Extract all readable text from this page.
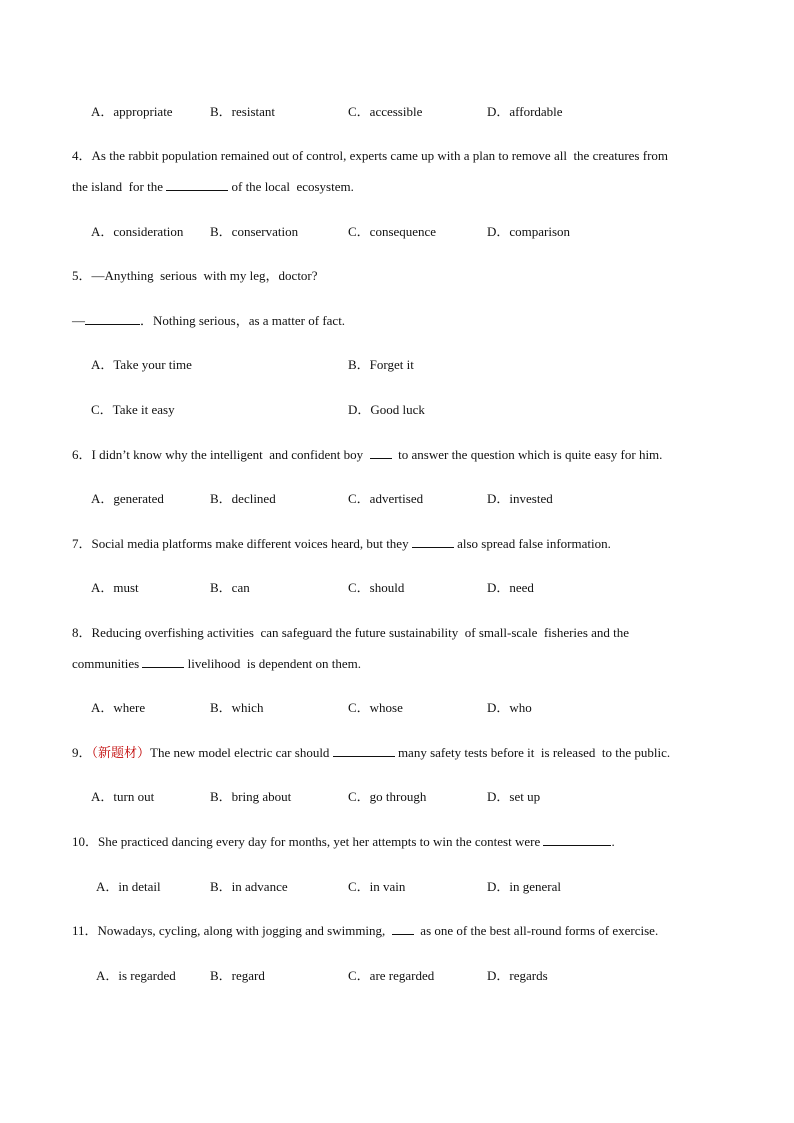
A．appropriate	B．resistant	C．accessible	D．affordable
4．As the rabbit population remained out of control, experts came up with a plan to remove all  the creatures from
the island  for the	of the local  ecosystem.
A．consideration B．conservation	C．consequence	D．comparison
5．—Anything  serious  with my leg，doctor?
—	．Nothing serious，as a matter of fact.
A．Take your time	B．Forget it
C．Take it easy	D．Good luck
6．I didn’t know why the intelligent  and confident boy    to answer the question which is quite easy for him.
A．generated	B．declined	C．advertised	D．invested
7．Social media platforms make different voices heard, but they	also spread false information.
A．must	B．can	C．should	D．need
8．Reducing overfishing activities  can safeguard the future sustainability  of small-scale  fisheries and the
communities	livelihood  is dependent on them.
A．where	B．which	C．whose	D．who
9．（新题材）The new model electric car should	many safety tests before it  is released  to the public.
A．turn out	B．bring about	C．go through	D．set up
10．She practiced dancing every day for months, yet her attempts to win the contest were	.
A．in detail	B．in advance	C．in vain	D．in general
11．Nowadays, cycling, along with jogging and swimming,    as one of the best all-round forms of exercise.
A．is regarded	B．regard	C．are regarded	D．regards
